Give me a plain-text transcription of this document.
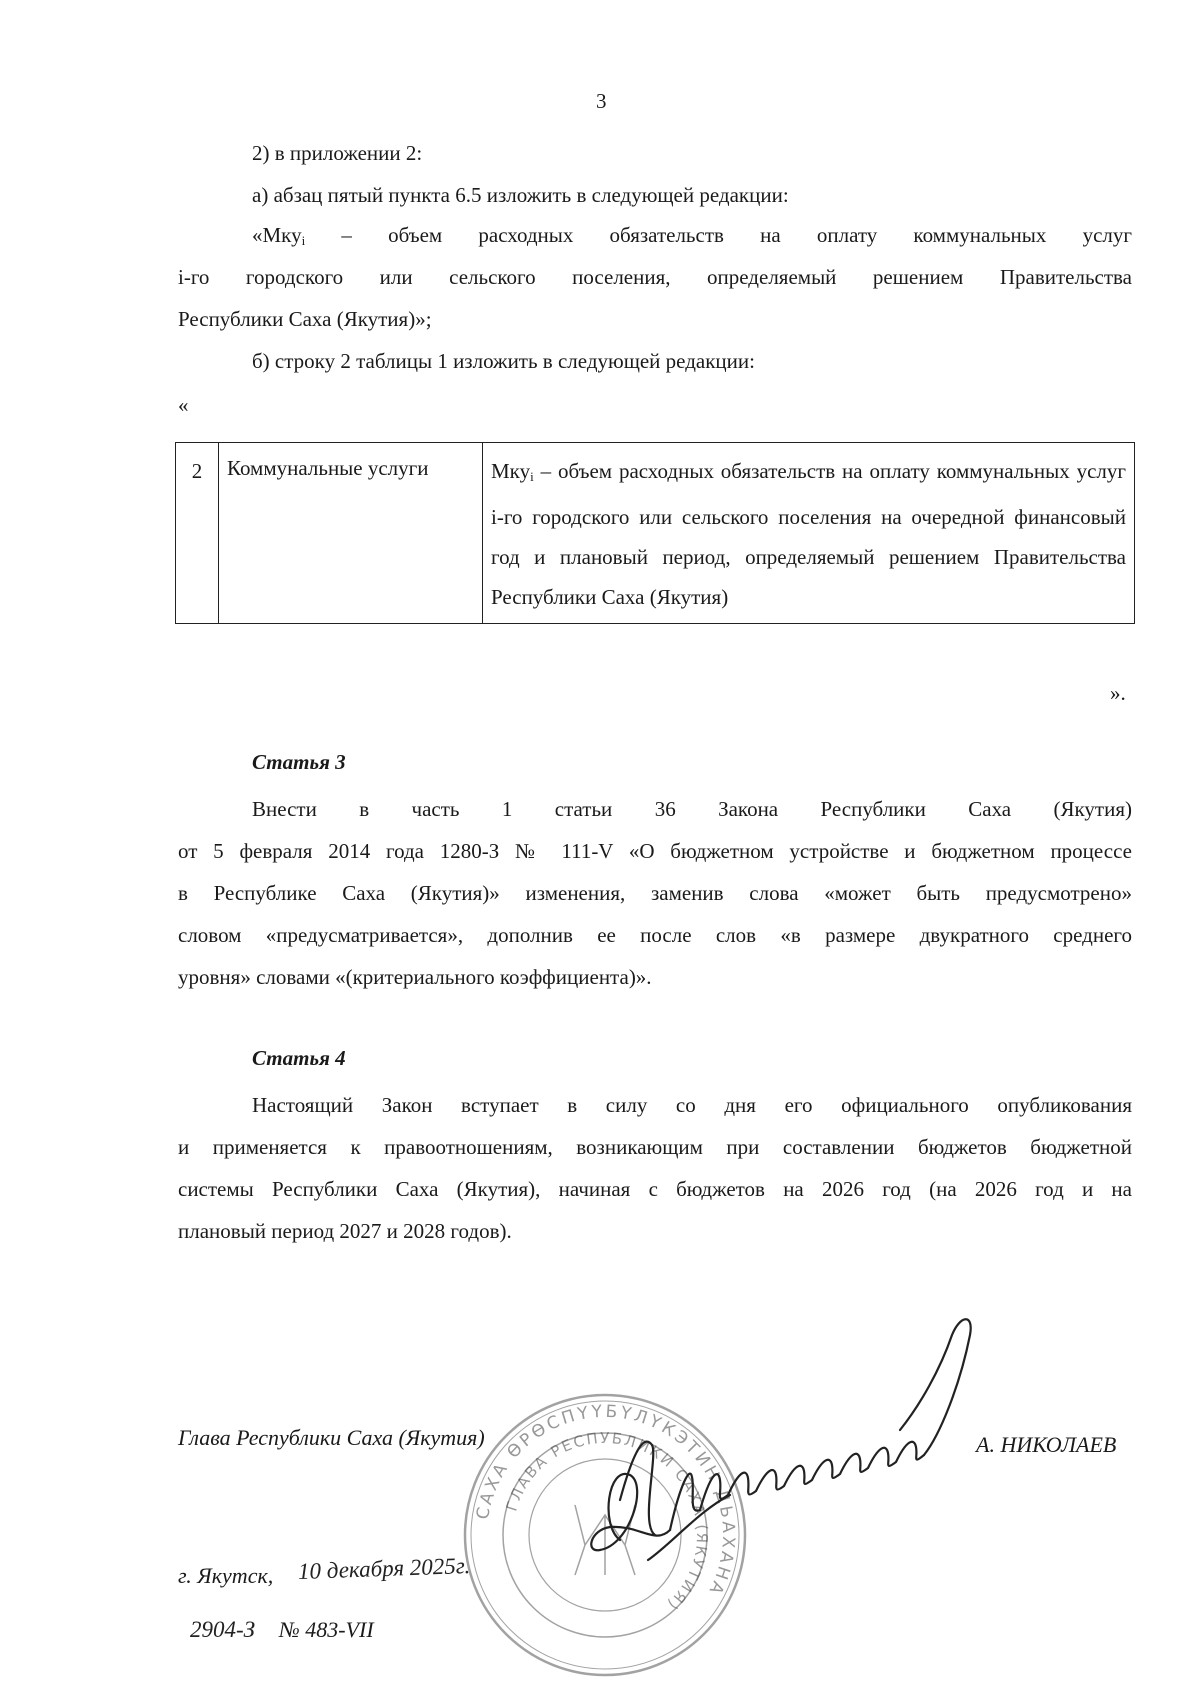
3
2) в приложении 2:
а) абзац пятый пункта 6.5 изложить в следующей редакции:
«Мку$_i$ – объем расходных обязательств на оплату коммунальных услуг
i-го городского или сельского поселения, определяемый решением Правительства
Республики Саха (Якутия)»;
б) строку 2 таблицы 1 изложить в следующей редакции:
«
2	Коммунальные услуги	Мку$_i$ – объем расходных обязательств на оплату коммунальных услуг i-го городского или сельского поселения на очередной финансовый год и плановый период, определяемый решением Правительства Республики Саха (Якутия)
».
Статья 3
Внести в часть 1 статьи 36 Закона Республики Саха (Якутия)
от 5 февраля 2014 года 1280-З № 111-V «О бюджетном устройстве и бюджетном процессе
в Республике Саха (Якутия)» изменения, заменив слова «может быть предусмотрено»
словом «предусматривается», дополнив ее после слов «в размере двукратного среднего
уровня» словами «(критериального коэффициента)».
Статья 4
Настоящий Закон вступает в силу со дня его официального опубликования
и применяется к правоотношениям, возникающим при составлении бюджетов бюджетной
системы Республики Саха (Якутия), начиная с бюджетов на 2026 год (на 2026 год и на
плановый период 2027 и 2028 годов).
Глава Республики Саха (Якутия)	А. НИКОЛАЕВ
г. Якутск, 10 декабря 2025г.
2904-З № 483-VII
САХА ӨРӨСПҮҮБҮЛҮКЭТИН ДЬАХАНА
ГЛАВА РЕСПУБЛИКИ САХА (ЯКУТИЯ)
